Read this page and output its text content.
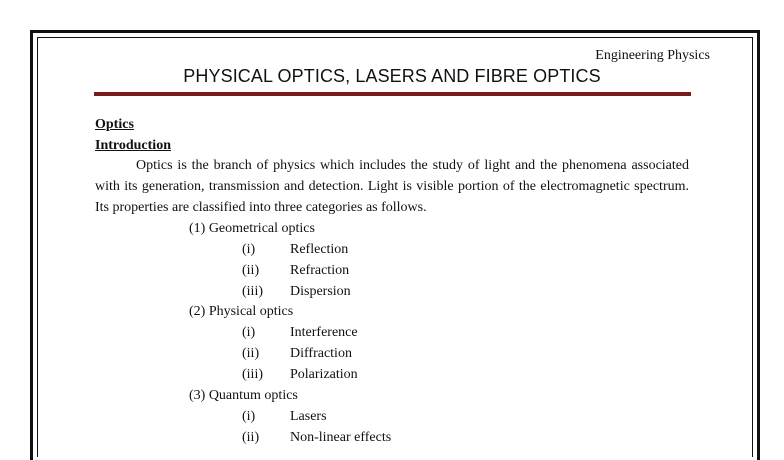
Engineering Physics
PHYSICAL OPTICS, LASERS AND FIBRE OPTICS
Optics
Introduction

Optics is the branch of physics which includes the study of light and the phenomena associated with its generation, transmission and detection. Light is visible portion of the electromagnetic spectrum. Its properties are classified into three categories as follows.

(1) Geometrical optics
(i) Reflection
(ii) Refraction
(iii) Dispersion
(2) Physical optics
(i) Interference
(ii) Diffraction
(iii) Polarization
(3) Quantum optics
(i) Lasers
(ii) Non-linear effects
